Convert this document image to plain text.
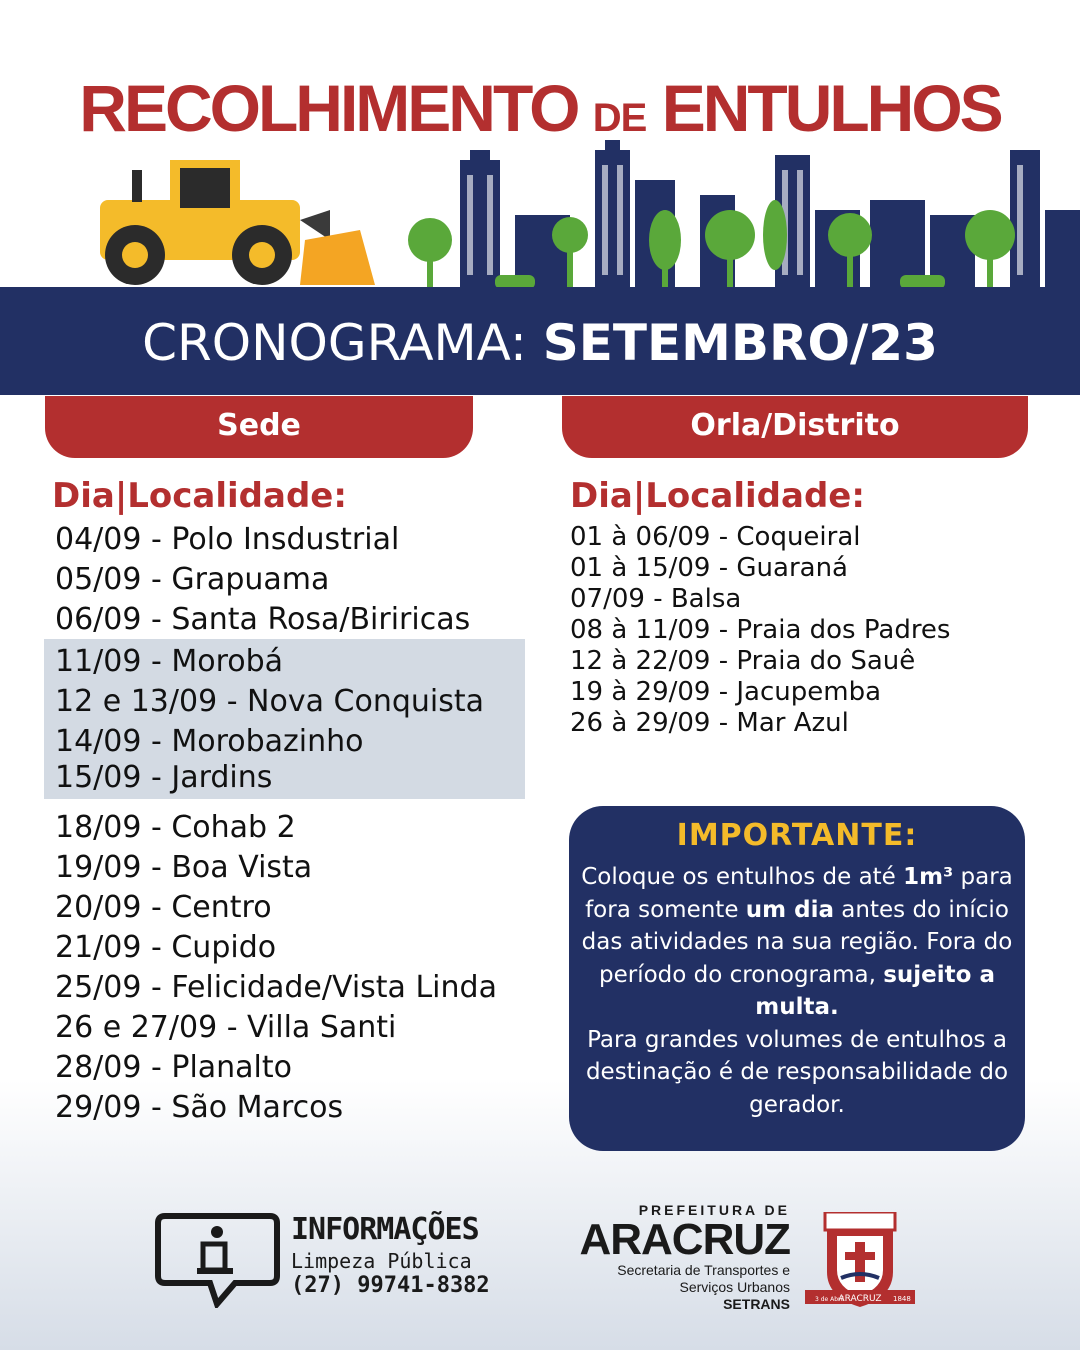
RECOLHIMENTO DE ENTULHOS
CRONOGRAMA: SETEMBRO/23
Sede	Orla/Distrito
Dia|Localidade:	Dia|Localidade:
04/09 - Polo Insdustrial
05/09 - Grapuama
06/09 - Santa Rosa/Biriricas
11/09 - Morobá
12 e 13/09 - Nova Conquista
14/09 - Morobazinho
15/09 - Jardins
18/09 - Cohab 2
19/09 - Boa Vista
20/09 - Centro
21/09 - Cupido
25/09 - Felicidade/Vista Linda
26 e 27/09 - Villa Santi
28/09 - Planalto
29/09 - São Marcos
01 à 06/09 - Coqueiral
01 à 15/09 - Guaraná
07/09 - Balsa
08 à 11/09 - Praia dos Padres
12 à 22/09 - Praia do Sauê
19 à 29/09 - Jacupemba
26 à 29/09 - Mar Azul
IMPORTANTE:

Coloque os entulhos de até 1m³ para fora somente um dia antes do início das atividades na sua região. Fora do período do cronograma, sujeito a multa.
Para grandes volumes de entulhos a destinação é de responsabilidade do gerador.

INFORMAÇÕES
Limpeza Pública
(27) 99741-8382
PREFEITURA DE
ARACRUZ
Secretaria de Transportes e Serviços Urbanos
SETRANS	ARACRUZ
3 de Abril	1848
